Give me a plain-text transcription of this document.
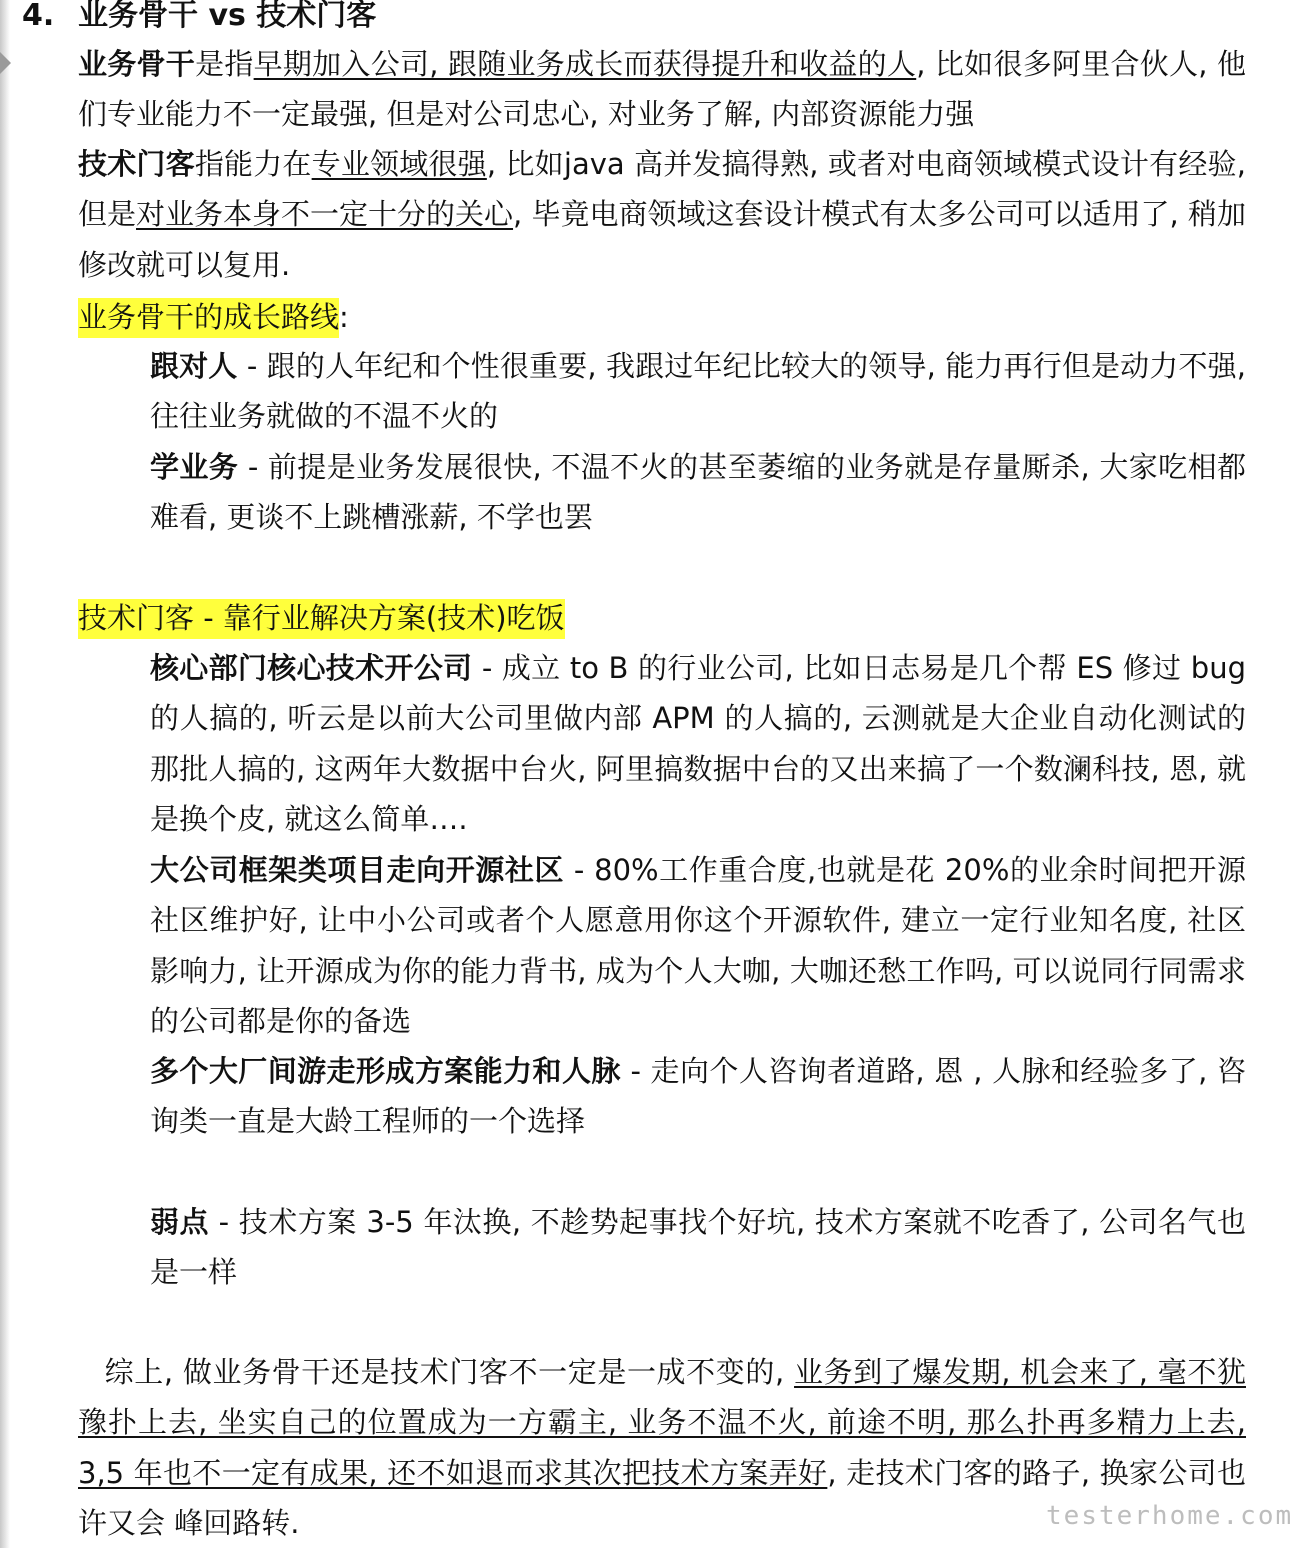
4. 业务骨干 vs 技术门客

业务骨干是指早期加入公司, 跟随业务成长而获得提升和收益的人, 比如很多阿里合伙人, 他们专业能力不一定最强, 但是对公司忠心, 对业务了解, 内部资源能力强

技术门客指能力在专业领域很强, 比如java 高并发搞得熟, 或者对电商领域模式设计有经验, 但是对业务本身不一定十分的关心, 毕竟电商领域这套设计模式有太多公司可以适用了, 稍加修改就可以复用.

业务骨干的成长路线:

跟对人 - 跟的人年纪和个性很重要, 我跟过年纪比较大的领导, 能力再行但是动力不强, 往往业务就做的不温不火的

学业务 - 前提是业务发展很快, 不温不火的甚至萎缩的业务就是存量厮杀, 大家吃相都难看, 更谈不上跳槽涨薪, 不学也罢

技术门客 - 靠行业解决方案(技术)吃饭

核心部门核心技术开公司 - 成立 to B 的行业公司, 比如日志易是几个帮 ES 修过 bug 的人搞的, 听云是以前大公司里做内部 APM 的人搞的, 云测就是大企业自动化测试的那批人搞的, 这两年大数据中台火, 阿里搞数据中台的又出来搞了一个数澜科技, 恩, 就是换个皮, 就这么简单….

大公司框架类项目走向开源社区 - 80%工作重合度,也就是花 20%的业余时间把开源社区维护好, 让中小公司或者个人愿意用你这个开源软件, 建立一定行业知名度, 社区影响力, 让开源成为你的能力背书, 成为个人大咖, 大咖还愁工作吗, 可以说同行同需求的公司都是你的备选

多个大厂间游走形成方案能力和人脉 - 走向个人咨询者道路, 恩 , 人脉和经验多了, 咨询类一直是大龄工程师的一个选择

弱点 - 技术方案 3-5 年汰换, 不趁势起事找个好坑, 技术方案就不吃香了, 公司名气也是一样

综上, 做业务骨干还是技术门客不一定是一成不变的, 业务到了爆发期, 机会来了, 毫不犹豫扑上去, 坐实自己的位置成为一方霸主, 业务不温不火, 前途不明, 那么扑再多精力上去, 3,5 年也不一定有成果, 还不如退而求其次把技术方案弄好, 走技术门客的路子, 换家公司也许又会 峰回路转.	testerhome.com
